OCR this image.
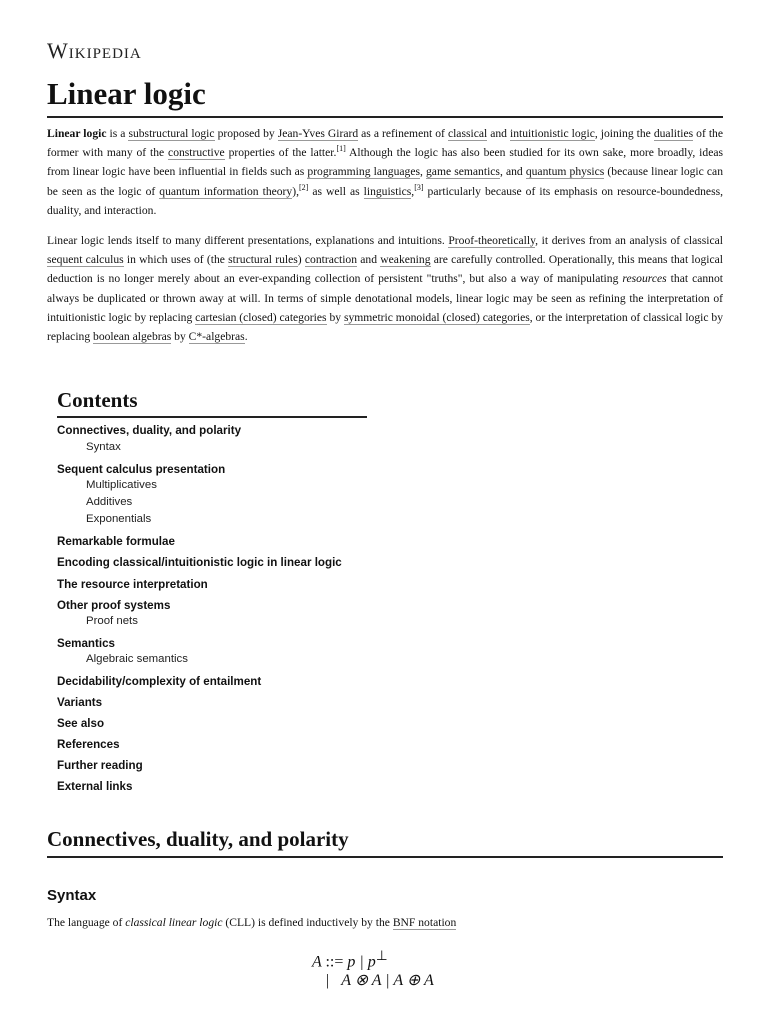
Wikipedia
Linear logic
Linear logic is a substructural logic proposed by Jean-Yves Girard as a refinement of classical and intuitionistic logic, joining the dualities of the former with many of the constructive properties of the latter.[1] Although the logic has also been studied for its own sake, more broadly, ideas from linear logic have been influential in fields such as programming languages, game semantics, and quantum physics (because linear logic can be seen as the logic of quantum information theory),[2] as well as linguistics,[3] particularly because of its emphasis on resource-boundedness, duality, and interaction.
Linear logic lends itself to many different presentations, explanations and intuitions. Proof-theoretically, it derives from an analysis of classical sequent calculus in which uses of (the structural rules) contraction and weakening are carefully controlled. Operationally, this means that logical deduction is no longer merely about an ever-expanding collection of persistent "truths", but also a way of manipulating resources that cannot always be duplicated or thrown away at will. In terms of simple denotational models, linear logic may be seen as refining the interpretation of intuitionistic logic by replacing cartesian (closed) categories by symmetric monoidal (closed) categories, or the interpretation of classical logic by replacing boolean algebras by C*-algebras.
Contents
Connectives, duality, and polarity
Syntax
Sequent calculus presentation
Multiplicatives
Additives
Exponentials
Remarkable formulae
Encoding classical/intuitionistic logic in linear logic
The resource interpretation
Other proof systems
Proof nets
Semantics
Algebraic semantics
Decidability/complexity of entailment
Variants
See also
References
Further reading
External links
Connectives, duality, and polarity
Syntax
The language of classical linear logic (CLL) is defined inductively by the BNF notation
A ::= p | p⊥
| A ⊗ A | A ⊕ A
